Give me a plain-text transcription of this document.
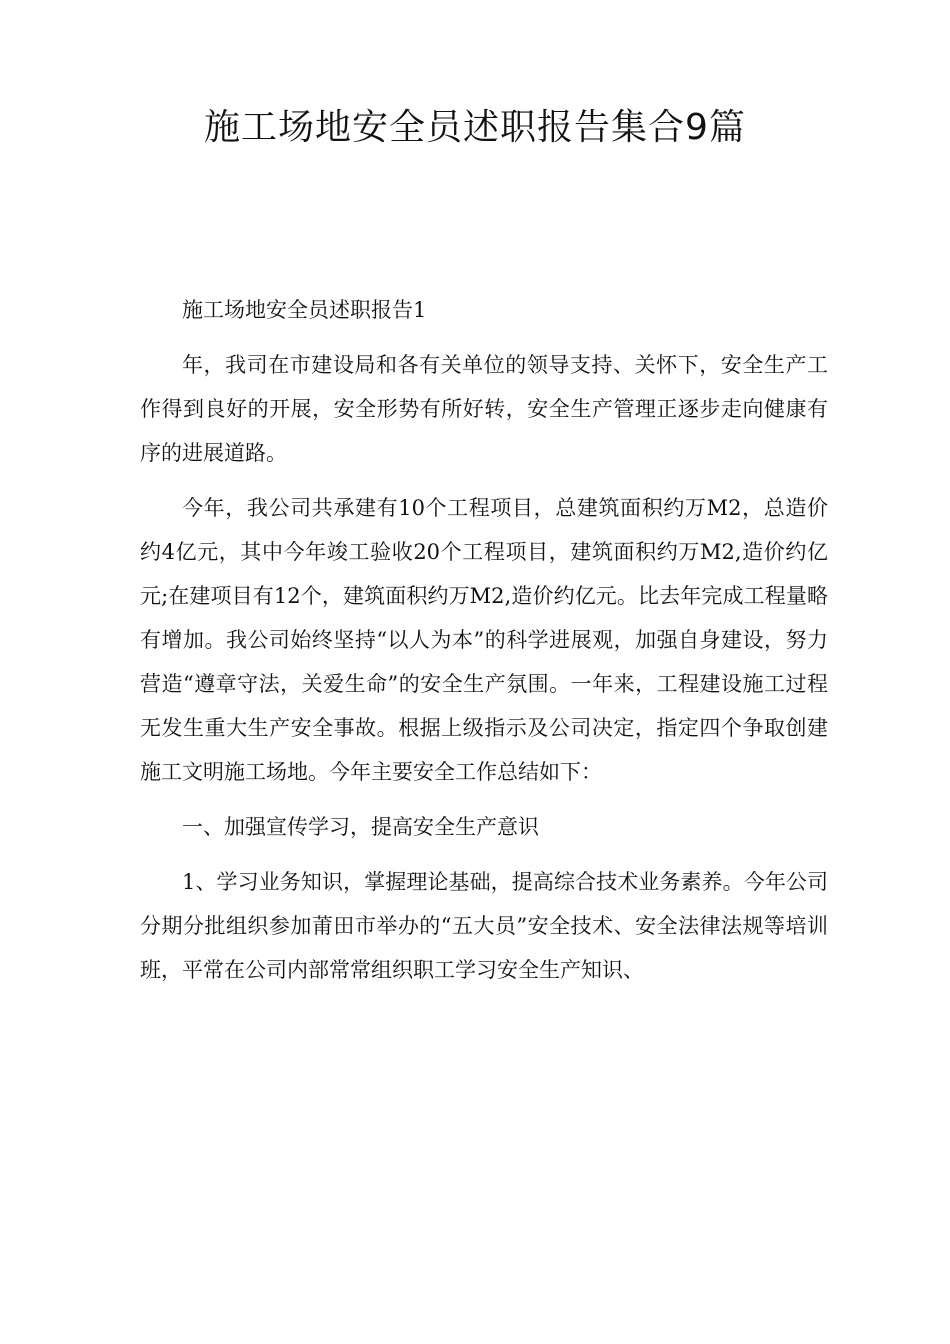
施工场地安全员述职报告集合9篇

施工场地安全员述职报告1

年，我司在市建设局和各有关单位的领导支持、关怀下，安全生产工作得到良好的开展，安全形势有所好转，安全生产管理正逐步走向健康有序的进展道路。

今年，我公司共承建有10个工程项目，总建筑面积约万M2，总造价约4亿元，其中今年竣工验收20个工程项目，建筑面积约万M2,造价约亿元;在建项目有12个，建筑面积约万M2,造价约亿元。比去年完成工程量略有增加。我公司始终坚持“以人为本”的科学进展观，加强自身建设，努力营造“遵章守法，关爱生命”的安全生产氛围。一年来，工程建设施工过程无发生重大生产安全事故。根据上级指示及公司决定，指定四个争取创建施工文明施工场地。今年主要安全工作总结如下：

一、加强宣传学习，提高安全生产意识

1、学习业务知识，掌握理论基础，提高综合技术业务素养。今年公司分期分批组织参加莆田市举办的“五大员”安全技术、安全法律法规等培训班，平常在公司内部常常组织职工学习安全生产知识、
